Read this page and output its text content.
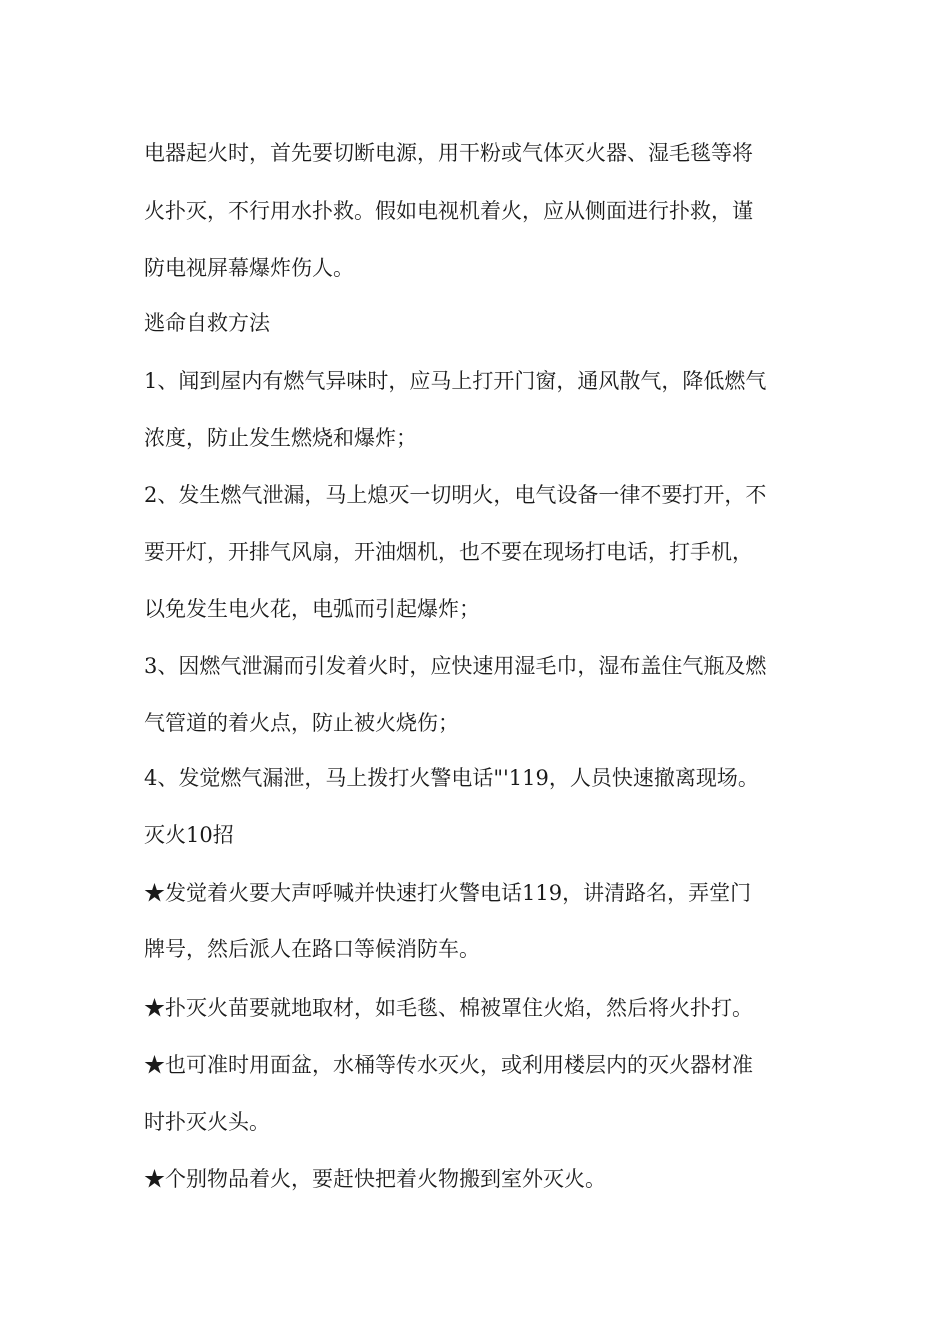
电器起火时，首先要切断电源，用干粉或气体灭火器、湿毛毯等将
火扑灭，不行用水扑救。假如电视机着火，应从侧面进行扑救，谨
防电视屏幕爆炸伤人。
逃命自救方法
1、闻到屋内有燃气异味时，应马上打开门窗，通风散气，降低燃气
浓度，防止发生燃烧和爆炸；
2、发生燃气泄漏，马上熄灭一切明火，电气设备一律不要打开，不
要开灯，开排气风扇，开油烟机，也不要在现场打电话，打手机，
以免发生电火花，电弧而引起爆炸；
3、因燃气泄漏而引发着火时，应快速用湿毛巾，湿布盖住气瓶及燃
气管道的着火点，防止被火烧伤；
4、发觉燃气漏泄，马上拨打火警电话"'119，人员快速撤离现场。
灭火10招
★发觉着火要大声呼喊并快速打火警电话119，讲清路名，弄堂门
牌号，然后派人在路口等候消防车。
★扑灭火苗要就地取材，如毛毯、棉被罩住火焰，然后将火扑打。
★也可准时用面盆，水桶等传水灭火，或利用楼层内的灭火器材准
时扑灭火头。
★个别物品着火，要赶快把着火物搬到室外灭火。
